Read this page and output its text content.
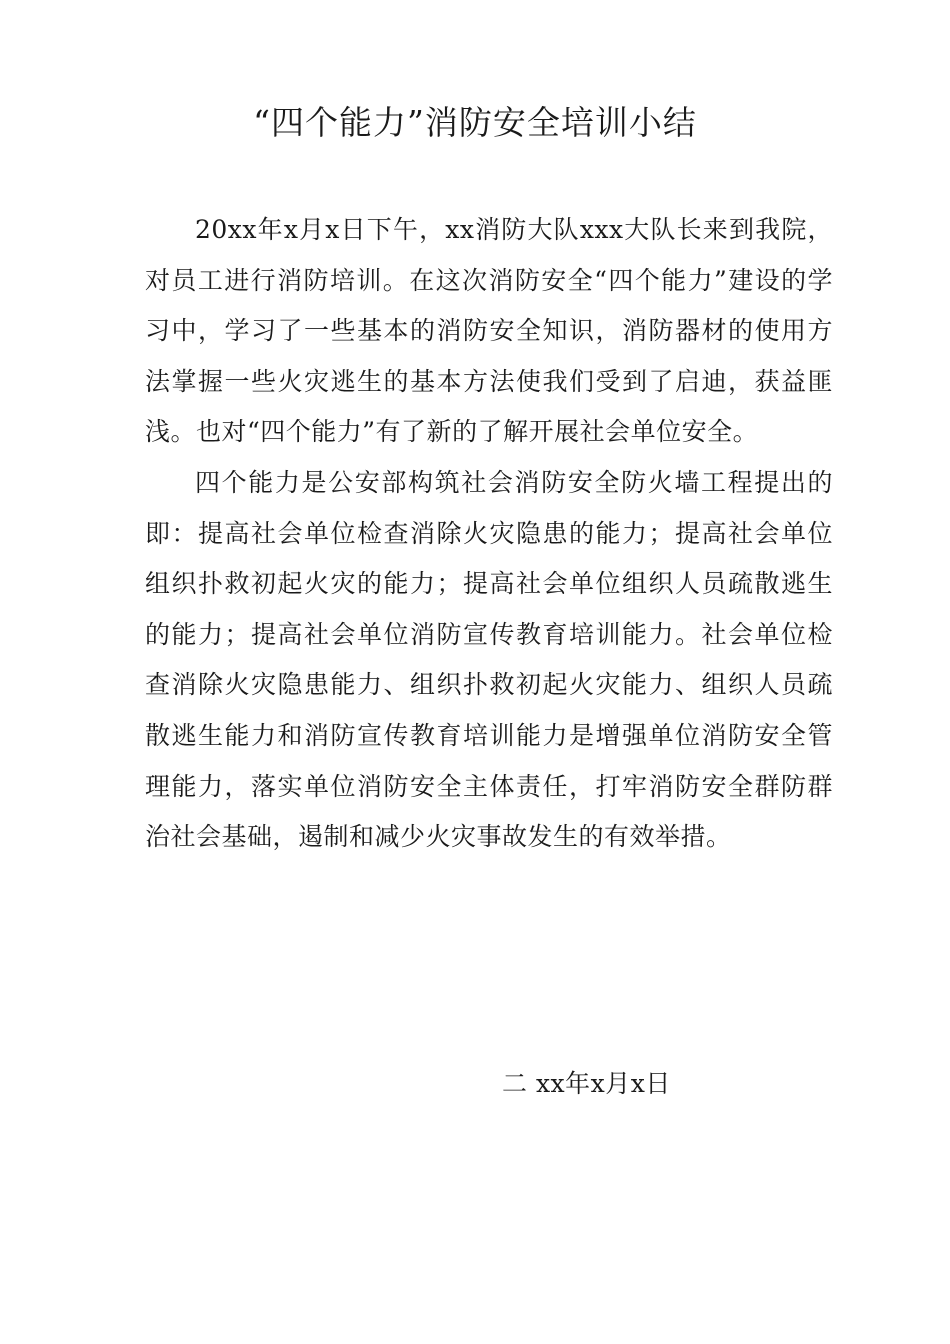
“四个能力”消防安全培训小结

20xx年x月x日下午，xx消防大队xxx大队长来到我院，对员工进行消防培训。在这次消防安全“四个能力”建设的学习中，学习了一些基本的消防安全知识，消防器材的使用方法掌握一些火灾逃生的基本方法使我们受到了启迪，获益匪浅。也对“四个能力”有了新的了解开展社会单位安全。

四个能力是公安部构筑社会消防安全防火墙工程提出的即：提高社会单位检查消除火灾隐患的能力；提高社会单位组织扑救初起火灾的能力；提高社会单位组织人员疏散逃生的能力；提高社会单位消防宣传教育培训能力。社会单位检查消除火灾隐患能力、组织扑救初起火灾能力、组织人员疏散逃生能力和消防宣传教育培训能力是增强单位消防安全管理能力，落实单位消防安全主体责任，打牢消防安全群防群治社会基础，遏制和减少火灾事故发生的有效举措。

二 xx年x月x日
